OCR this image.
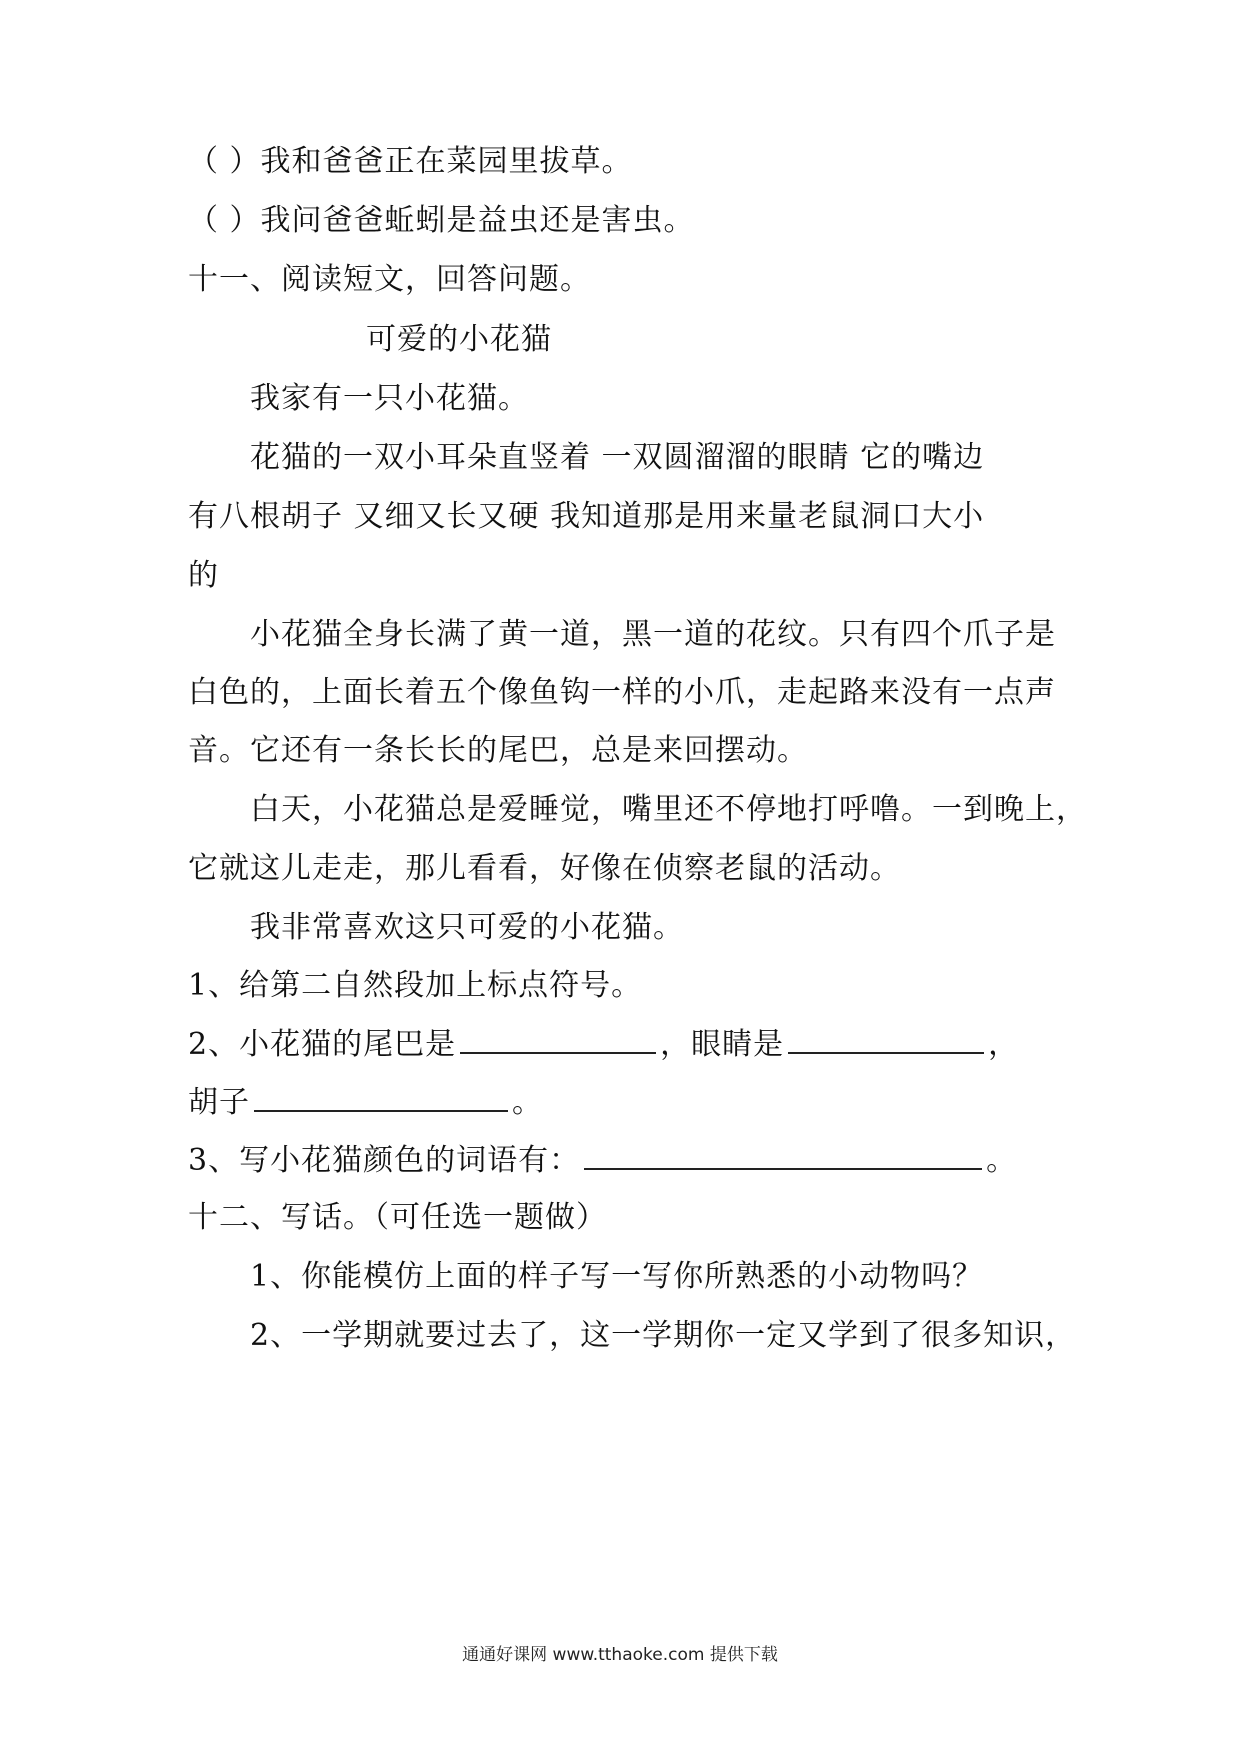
（ ）我和爸爸正在菜园里拔草。
（ ）我问爸爸蚯蚓是益虫还是害虫。
十一、阅读短文，回答问题。
可爱的小花猫
我家有一只小花猫。
花猫的一双小耳朵直竖着 一双圆溜溜的眼睛 它的嘴边
有八根胡子 又细又长又硬 我知道那是用来量老鼠洞口大小
的
小花猫全身长满了黄一道，黑一道的花纹。只有四个爪子是
白色的，上面长着五个像鱼钩一样的小爪，走起路来没有一点声
音。它还有一条长长的尾巴，总是来回摆动。
白天，小花猫总是爱睡觉，嘴里还不停地打呼噜。一到晚上，
它就这儿走走，那儿看看，好像在侦察老鼠的活动。
我非常喜欢这只可爱的小花猫。
1、给第二自然段加上标点符号。
2、小花猫的尾巴是	，眼睛是	，
胡子	。
3、写小花猫颜色的词语有：	。
十二、写话。（可任选一题做）
1、你能模仿上面的样子写一写你所熟悉的小动物吗？
2、一学期就要过去了，这一学期你一定又学到了很多知识，
通通好课网 www.tthaoke.com 提供下载
